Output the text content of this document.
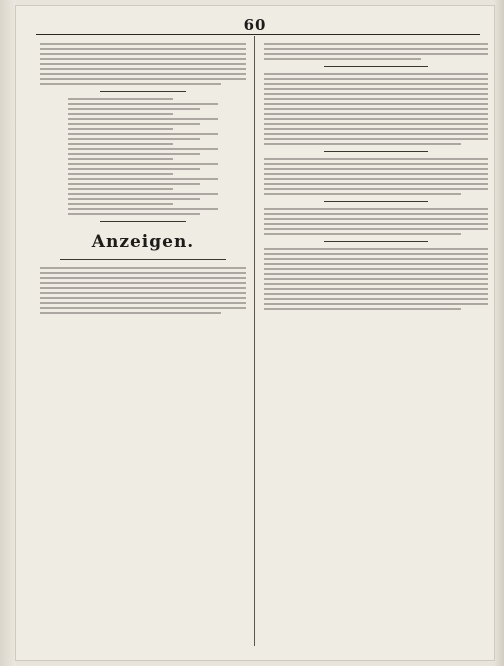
60
Anzeigen.
